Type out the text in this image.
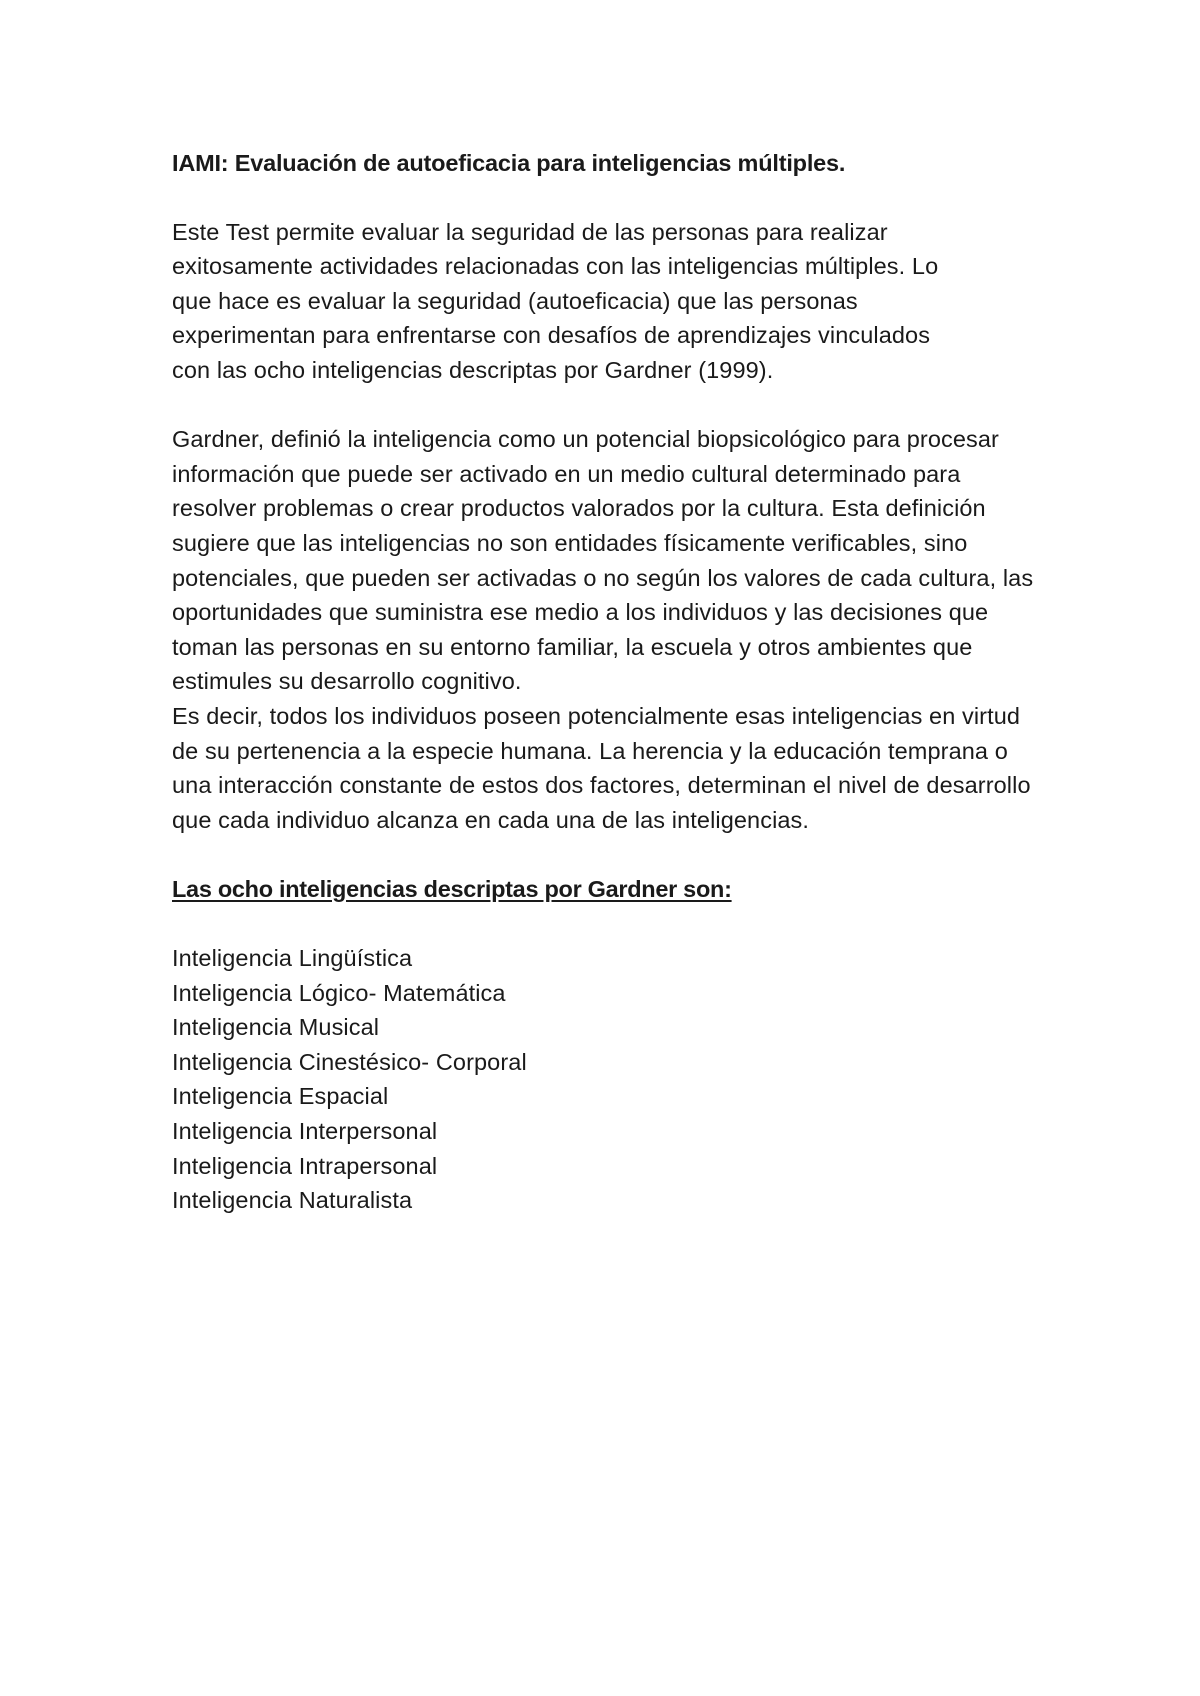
IAMI: Evaluación de autoeficacia para inteligencias múltiples.

Este Test permite evaluar la seguridad de las personas para realizar
exitosamente actividades relacionadas con las inteligencias múltiples. Lo
que hace es evaluar la seguridad (autoeficacia) que las personas
experimentan para enfrentarse con desafíos de aprendizajes vinculados
con las ocho inteligencias descriptas por Gardner (1999).

Gardner, definió la inteligencia como un potencial biopsicológico para procesar
información que puede ser activado en un medio cultural determinado para
resolver problemas o crear productos valorados por la cultura. Esta definición
sugiere que las inteligencias no son entidades físicamente verificables, sino
potenciales, que pueden ser activadas o no según los valores de cada cultura, las
oportunidades que suministra ese medio a los individuos y las decisiones que
toman las personas en su entorno familiar, la escuela y otros ambientes que
estimules su desarrollo cognitivo.

Es decir, todos los individuos poseen potencialmente esas inteligencias en virtud
de su pertenencia a la especie humana. La herencia y la educación temprana o
una interacción constante de estos dos factores, determinan el nivel de desarrollo
que cada individuo alcanza en cada una de las inteligencias.

Las ocho inteligencias descriptas por Gardner son:
Inteligencia Lingüística
Inteligencia Lógico- Matemática
Inteligencia Musical
Inteligencia Cinestésico- Corporal
Inteligencia Espacial
Inteligencia Interpersonal
Inteligencia Intrapersonal
Inteligencia Naturalista
